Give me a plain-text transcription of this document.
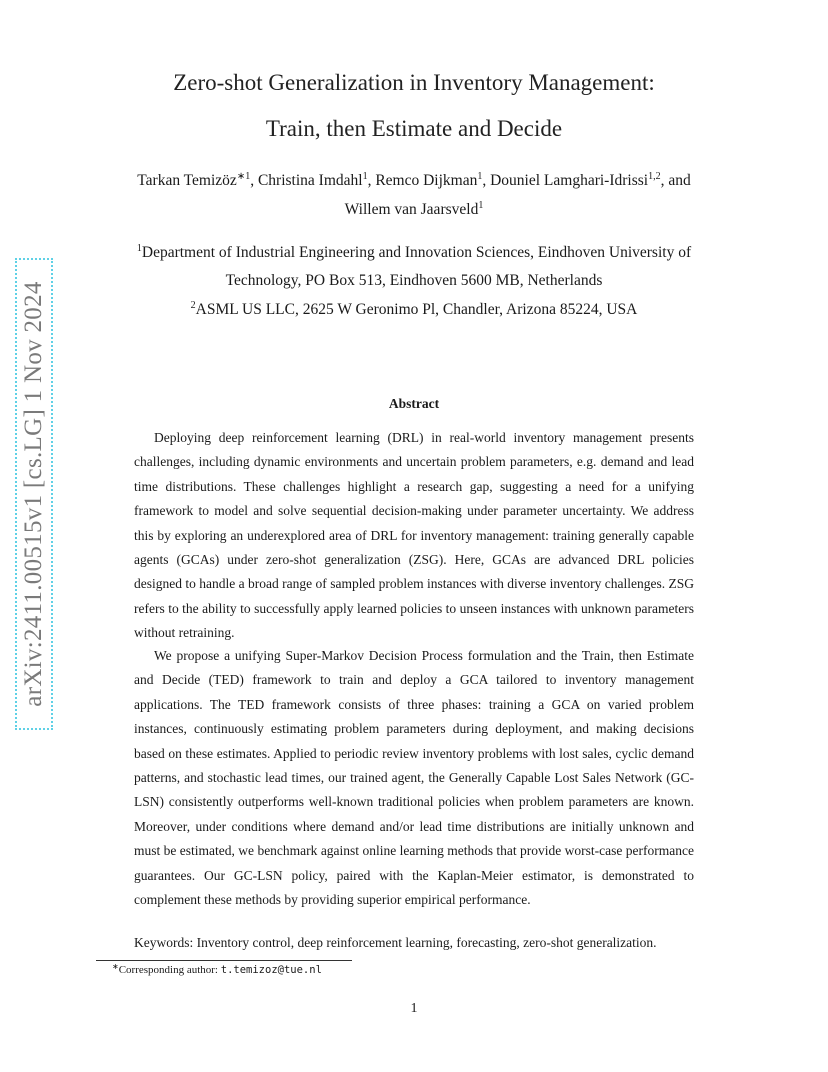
arXiv:2411.00515v1 [cs.LG] 1 Nov 2024
Zero-shot Generalization in Inventory Management:
Train, then Estimate and Decide
Tarkan Temizöz$^{∗1}$, Christina Imdahl$^1$, Remco Dijkman$^1$, Douniel Lamghari-Idrissi$^{1,2}$, and
Willem van Jaarsveld$^1$
$^1$Department of Industrial Engineering and Innovation Sciences, Eindhoven University of
Technology, PO Box 513, Eindhoven 5600 MB, Netherlands
$^2$ASML US LLC, 2625 W Geronimo Pl, Chandler, Arizona 85224, USA
Abstract

Deploying deep reinforcement learning (DRL) in real-world inventory management presents challenges, including dynamic environments and uncertain problem parameters, e.g. demand and lead time distributions. These challenges highlight a research gap, suggesting a need for a unifying framework to model and solve sequential decision-making under parameter uncertainty. We address this by exploring an underexplored area of DRL for inventory management: training generally capable agents (GCAs) under zero-shot generalization (ZSG). Here, GCAs are advanced DRL policies designed to handle a broad range of sampled problem instances with diverse inventory challenges. ZSG refers to the ability to successfully apply learned policies to unseen instances with unknown parameters without retraining.

We propose a unifying Super-Markov Decision Process formulation and the Train, then Estimate and Decide (TED) framework to train and deploy a GCA tailored to inventory management applications. The TED framework consists of three phases: training a GCA on varied problem instances, continuously estimating problem parameters during deployment, and making decisions based on these estimates. Applied to periodic review inventory problems with lost sales, cyclic demand patterns, and stochastic lead times, our trained agent, the Generally Capable Lost Sales Network (GC-LSN) consistently outperforms well-known traditional policies when problem parameters are known. Moreover, under conditions where demand and/or lead time distributions are initially unknown and must be estimated, we benchmark against online learning methods that provide worst-case performance guarantees. Our GC-LSN policy, paired with the Kaplan-Meier estimator, is demonstrated to complement these methods by providing superior empirical performance.

Keywords: Inventory control, deep reinforcement learning, forecasting, zero-shot generalization.
∗Corresponding author: t.temizoz@tue.nl
1
